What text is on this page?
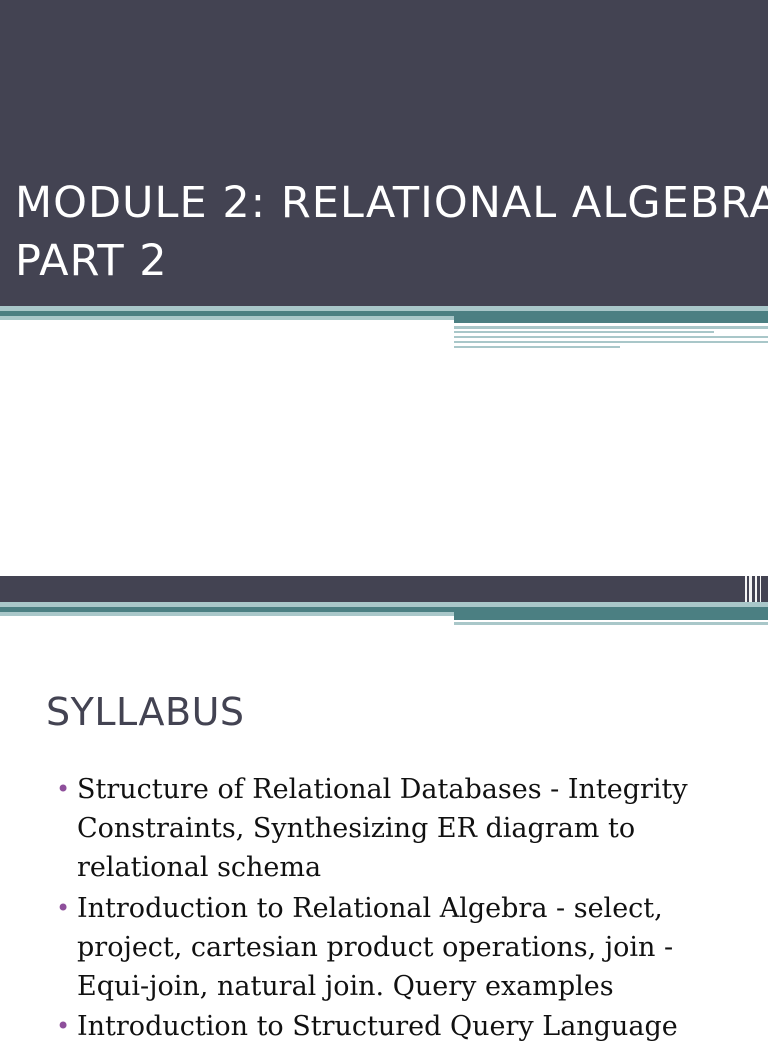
MODULE 2: RELATIONAL ALGEBRA
PART 2
SYLLABUS
• Structure of Relational Databases - Integrity Constraints, Synthesizing ER diagram to relational schema
• Introduction to Relational Algebra - select, project, cartesian product operations, join - Equi-join, natural join. Query examples
• Introduction to Structured Query Language
